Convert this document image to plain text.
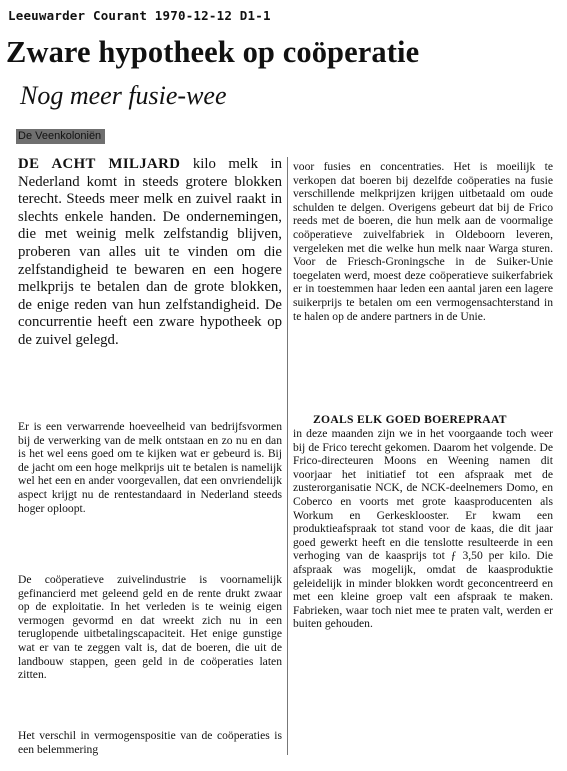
Leeuwarder Courant 1970-12-12 D1-1
Zware hypotheek op coöperatie
Nog meer fusie-wee
De Veenkoloniën

DE ACHT MILJARD kilo melk in Nederland komt in steeds grotere blokken terecht. Steeds meer melk en zuivel raakt in slechts enkele handen. De ondernemingen, die met weinig melk zelfstandig blijven, proberen van alles uit te vinden om die zelfstandigheid te bewaren en een hogere melkprijs te betalen dan de grote blokken, de enige reden van hun zelfstandigheid. De concurrentie heeft een zware hypotheek op de zuivel gelegd.

Er is een verwarrende hoeveelheid van bedrijfsvormen bij de verwerking van de melk ontstaan en zo nu en dan is het wel eens goed om te kijken wat er gebeurd is. Bij de jacht om een hoge melkprijs uit te betalen is namelijk wel het een en ander voorgevallen, dat een onvriendelijk aspect krijgt nu de rentestandaard in Nederland steeds hoger oploopt.

De coöperatieve zuivelindustrie is voornamelijk gefinancierd met geleend geld en de rente drukt zwaar op de exploitatie. In het verleden is te weinig eigen vermogen gevormd en dat wreekt zich nu in een teruglopende uitbetalingscapaciteit. Het enige gunstige wat er van te zeggen valt is, dat de boeren, die uit de landbouw stappen, geen geld in de coöperaties laten zitten.

Het verschil in vermogenspositie van de coöperaties is een belemmering

voor fusies en concentraties. Het is moeilijk te verkopen dat boeren bij dezelfde coöperaties na fusie verschillende melkprijzen krijgen uitbetaald om oude schulden te delgen. Overigens gebeurt dat bij de Frico reeds met de boeren, die hun melk aan de voormalige coöperatieve zuivelfabriek in Oldeboorn leveren, vergeleken met die welke hun melk naar Warga sturen. Voor de Friesch-Groningsche in de Suiker-Unie toegelaten werd, moest deze coöperatieve suikerfabriek er in toestemmen haar leden een aantal jaren een lagere suikerprijs te betalen om een vermogensachterstand in te halen op de andere partners in de Unie.

ZOALS ELK GOED BOEREPRAAT

in deze maanden zijn we in het voorgaande toch weer bij de Frico terecht gekomen. Daarom het volgende. De Frico-directeuren Moons en Weening namen dit voorjaar het initiatief tot een afspraak met de zusterorganisatie NCK, de NCK-deelnemers Domo, en Coberco en voorts met grote kaasproducenten als Workum en Gerkesklooster. Er kwam een produktieafspraak tot stand voor de kaas, die dit jaar goed gewerkt heeft en die tenslotte resulteerde in een verhoging van de kaasprijs tot ƒ 3,50 per kilo. Die afspraak was mogelijk, omdat de kaasproduktie geleidelijk in minder blokken wordt geconcentreerd en met een kleine groep valt een afspraak te maken. Fabrieken, waar toch niet mee te praten valt, werden er buiten gehouden.
